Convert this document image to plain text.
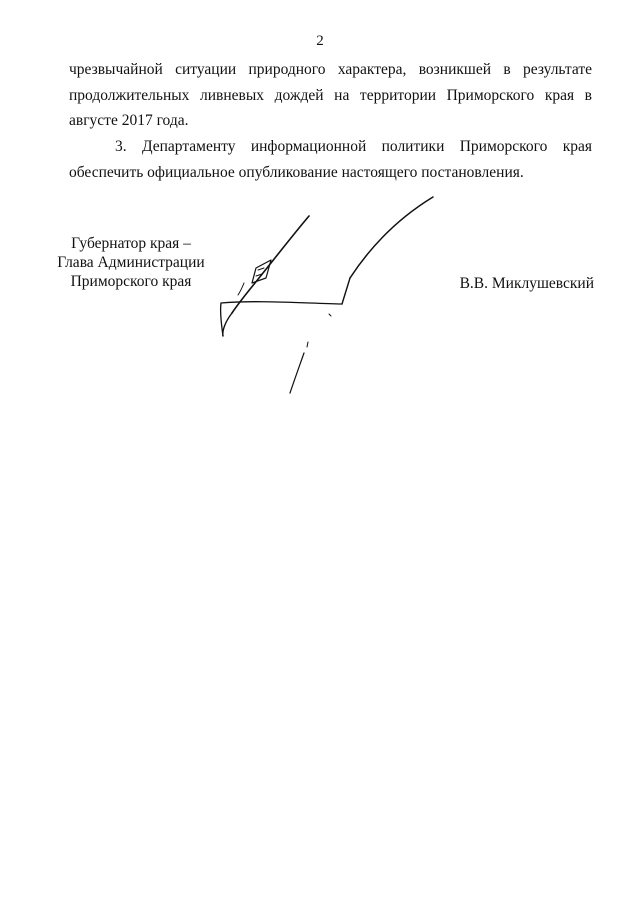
2

чрезвычайной ситуации природного характера, возникшей в результате продолжительных ливневых дождей на территории Приморского края в августе 2017 года.

3. Департаменту информационной политики Приморского края обеспечить официальное опубликование настоящего постановления.

Губернатор края –
Глава Администрации
Приморского края	В.В. Миклушевский
